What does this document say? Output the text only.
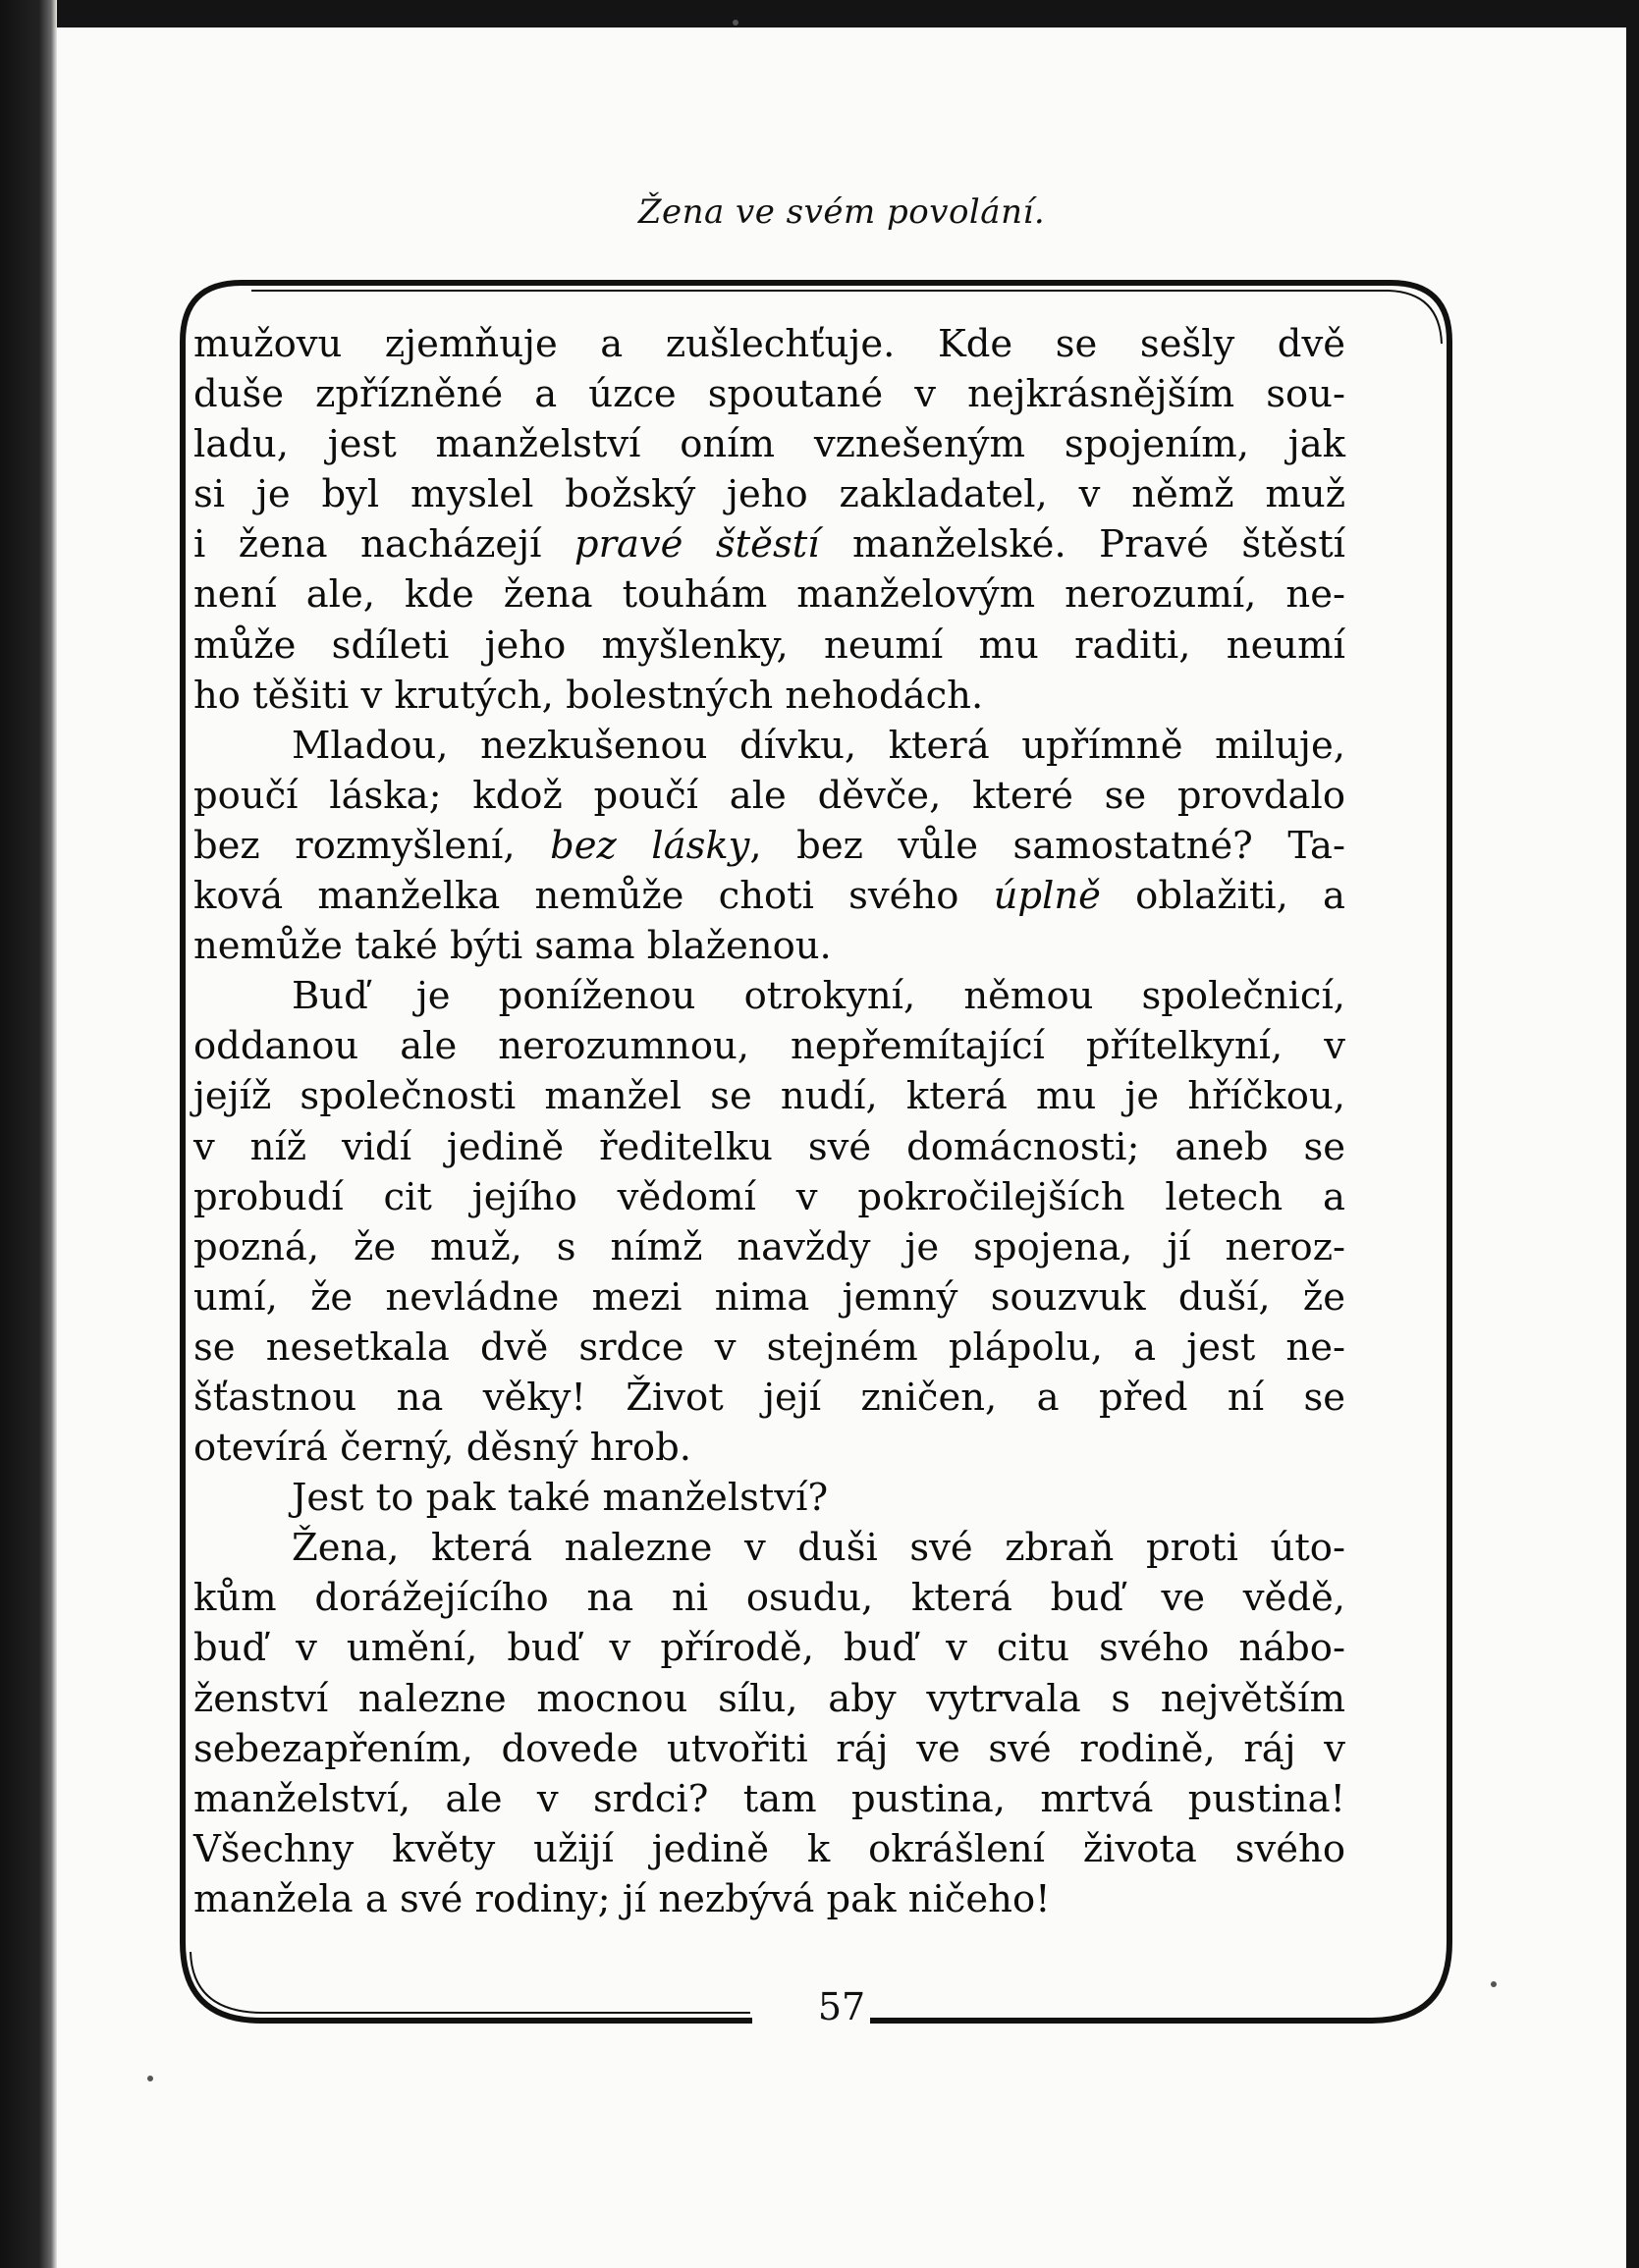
Žena ve svém povolání.
mužovu zjemňuje a zušlechťuje. Kde se sešly dvě
duše zpřízněné a úzce spoutané v nejkrásnějším sou-
ladu, jest manželství oním vznešeným spojením, jak
si je byl myslel božský jeho zakladatel, v němž muž
i žena nacházejí pravé štěstí manželské. Pravé štěstí
není ale, kde žena touhám manželovým nerozumí, ne-
může sdíleti jeho myšlenky, neumí mu raditi, neumí
ho těšiti v krutých, bolestných nehodách.
Mladou, nezkušenou dívku, která upřímně miluje,
poučí láska; kdož poučí ale děvče, které se provdalo
bez rozmyšlení, bez lásky, bez vůle samostatné? Ta-
ková manželka nemůže choti svého úplně oblažiti, a
nemůže také býti sama blaženou.
Buď je poníženou otrokyní, němou společnicí,
oddanou ale nerozumnou, nepřemítající přítelkyní, v
jejíž společnosti manžel se nudí, která mu je hříčkou,
v níž vidí jedině ředitelku své domácnosti; aneb se
probudí cit jejího vědomí v pokročilejších letech a
pozná, že muž, s nímž navždy je spojena, jí neroz-
umí, že nevládne mezi nima jemný souzvuk duší, že
se nesetkala dvě srdce v stejném plápolu, a jest ne-
šťastnou na věky! Život její zničen, a před ní se
otevírá černý, děsný hrob.
Jest to pak také manželství?
Žena, která nalezne v duši své zbraň proti úto-
kům dorážejícího na ni osudu, která buď ve vědě,
buď v umění, buď v přírodě, buď v citu svého nábo-
ženství nalezne mocnou sílu, aby vytrvala s největším
sebezapřením, dovede utvořiti ráj ve své rodině, ráj v
manželství, ale v srdci? tam pustina, mrtvá pustina!
Všechny květy užijí jedině k okrášlení života svého
manžela a své rodiny; jí nezbývá pak ničeho!
57
